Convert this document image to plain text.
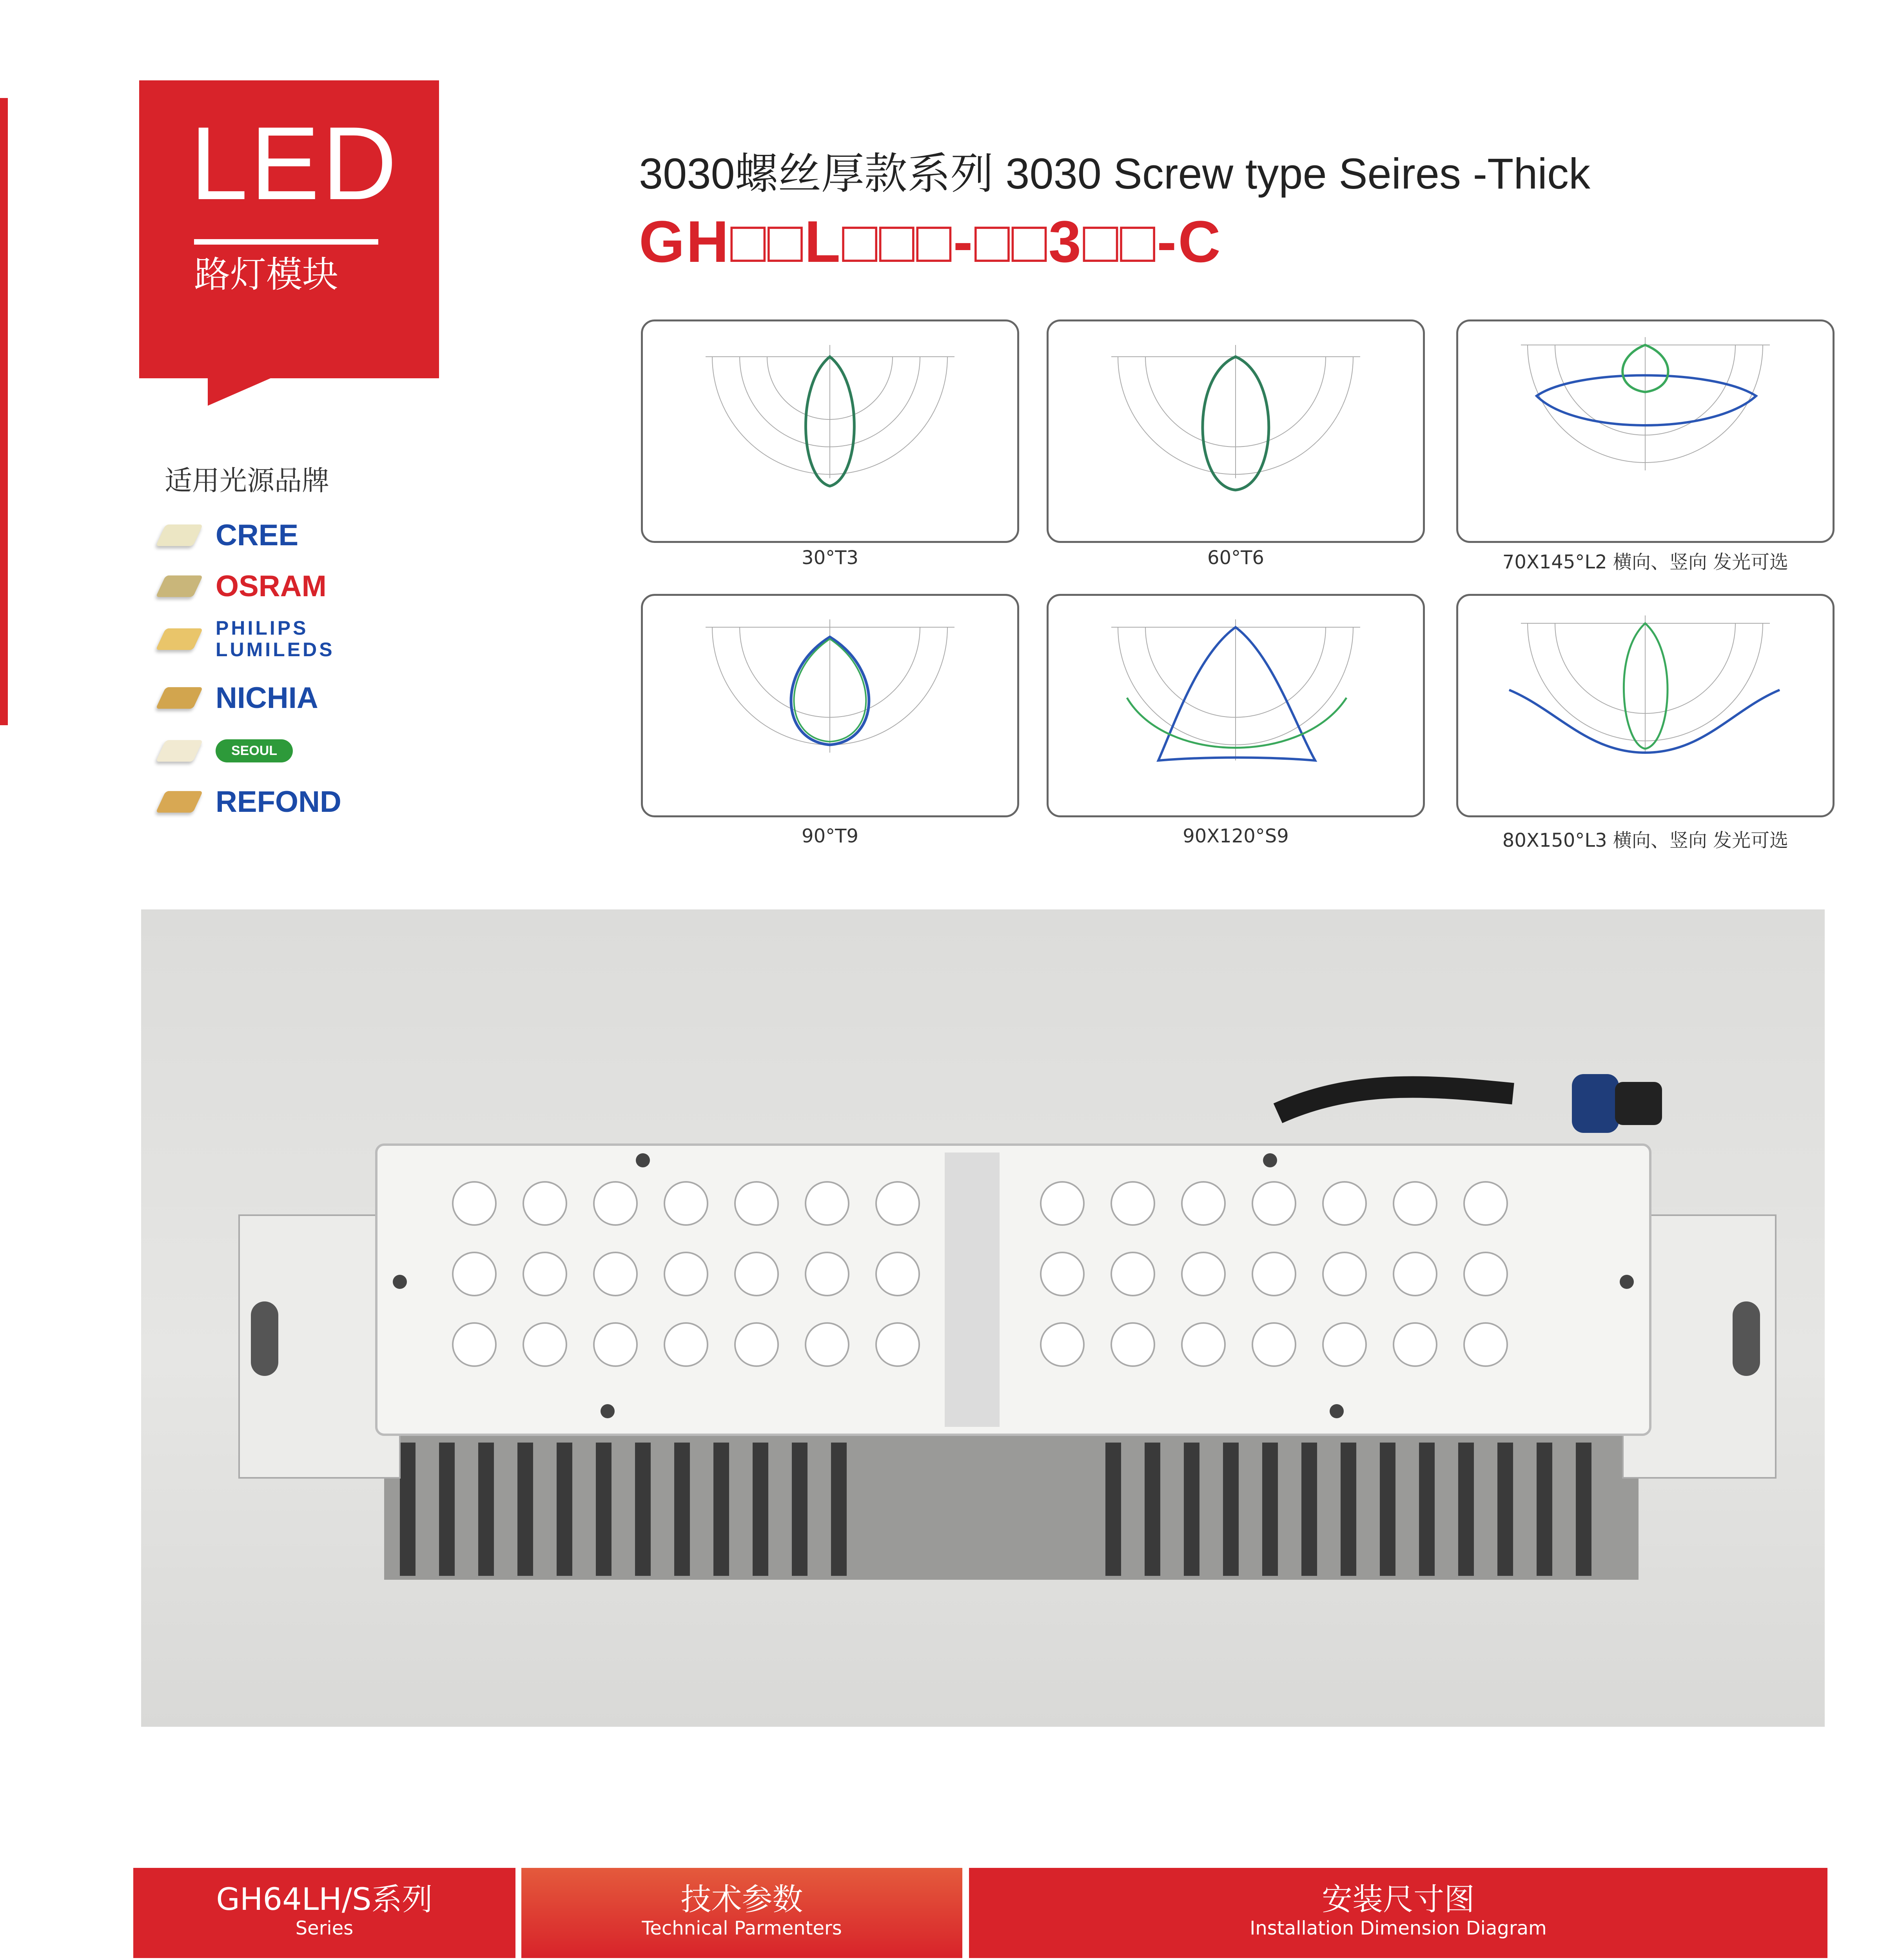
LED
路灯模块
适用光源品牌
CREE
OSRAM
PHILIPS LUMILEDS
NICHIA
SEOUL
REFOND
3030螺丝厚款系列 3030 Screw type Seires -Thick
GH□□L□□□-□□3□□-C
30°T3	60°T6	70X145°L2 横向、竖向 发光可选
90°T9	90X120°S9	80X150°L3 横向、竖向 发光可选
GH64LH/S系列
Series
技术参数
Technical Parmenters
安装尺寸图
Installation Dimension Diagram
